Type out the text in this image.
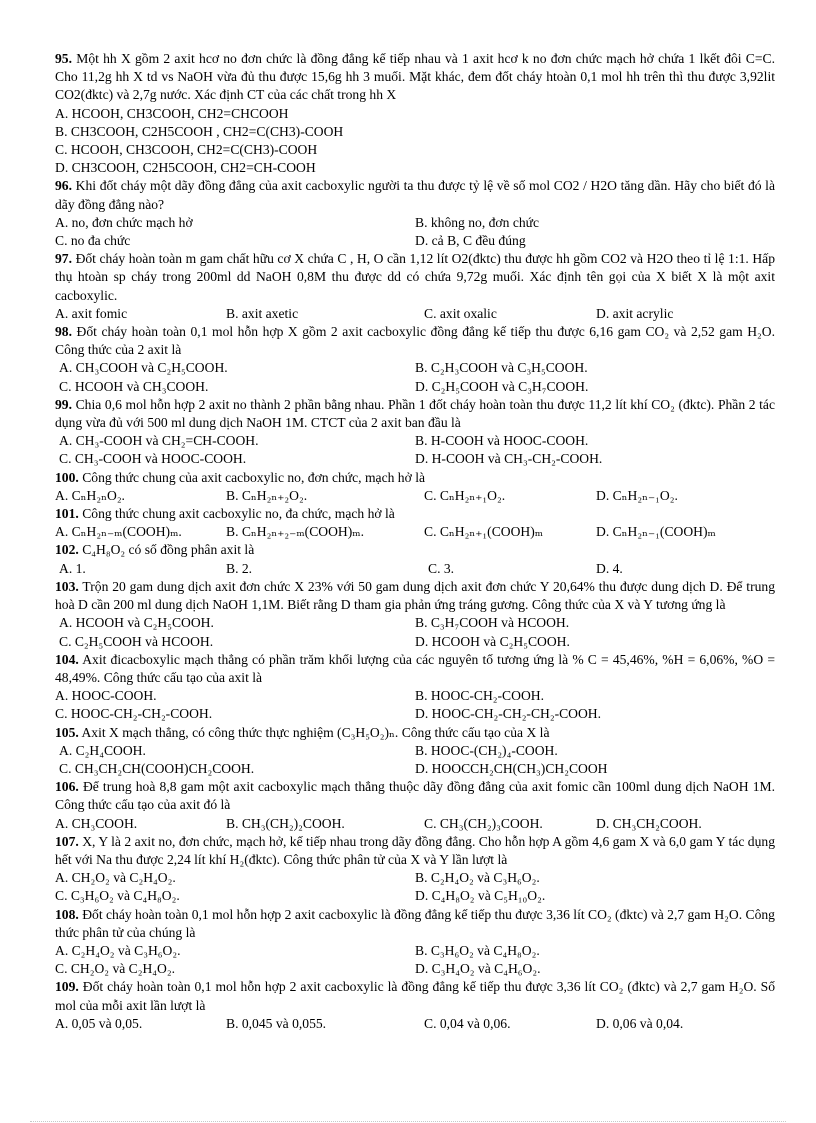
95. Một hh X gồm 2 axit hcơ no đơn chức là đồng đẳng kế tiếp nhau và 1 axit hcơ k no đơn chức mạch hở chứa 1 lkết đôi C=C. Cho 11,2g hh X td vs NaOH vừa đủ thu được 15,6g hh 3 muối. Mặt khác, đem đốt cháy htoàn 0,1 mol hh trên thì thu được 3,92lit CO2(đktc) và 2,7g nước. Xác định CT của các chất trong hh X
A. HCOOH, CH3COOH, CH2=CHCOOH
B. CH3COOH, C2H5COOH , CH2=C(CH3)-COOH
C. HCOOH, CH3COOH, CH2=C(CH3)-COOH
D. CH3COOH, C2H5COOH, CH2=CH-COOH
96. Khi đốt cháy một dãy đồng đẳng của axit cacboxylic người ta thu được tỷ lệ về số mol CO2 / H2O tăng dần. Hãy cho biết đó là dãy đồng đẳng nào?
A. no, đơn chức mạch hở	B. không no, đơn chức
C. no đa chức	D. cả B, C đều đúng
97. Đốt cháy hoàn toàn m gam chất hữu cơ X chứa C , H, O cần 1,12 lít O2(đktc) thu được hh gồm CO2 và H2O theo tỉ lệ 1:1. Hấp thụ htoàn sp cháy trong 200ml dd NaOH 0,8M thu được dd có chứa 9,72g muối. Xác định tên gọi của X biết X là một axit cacboxylic.
A. axit fomic	B. axit axetic	C. axit oxalic	D. axit acrylic
98. Đốt cháy hoàn toàn 0,1 mol hỗn hợp X gồm 2 axit cacboxylic đồng đẳng kế tiếp thu được 6,16 gam CO₂ và 2,52 gam H₂O. Công thức của 2 axit là
A. CH₃COOH và C₂H₅COOH.	B. C₂H₃COOH và C₃H₅COOH.
C. HCOOH và CH₃COOH.	D. C₂H₅COOH và C₃H₇COOH.
99. Chia 0,6 mol hỗn hợp 2 axit no thành 2 phần bằng nhau. Phần 1 đốt cháy hoàn toàn thu được 11,2 lít khí CO₂ (đktc). Phần 2 tác dụng vừa đủ với 500 ml dung dịch NaOH 1M. CTCT của 2 axit ban đầu là
A. CH₃-COOH và CH₂=CH-COOH.	B. H-COOH và HOOC-COOH.
C. CH₃-COOH và HOOC-COOH.	D. H-COOH và CH₃-CH₂-COOH.
100. Công thức chung của axit cacboxylic no, đơn chức, mạch hở là
A. CₙH₂ₙO₂.	B. CₙH₂ₙ₊₂O₂.	C. CₙH₂ₙ₊₁O₂.	D. CₙH₂ₙ₋₁O₂.
101. Công thức chung axit cacboxylic no, đa chức, mạch hở là
A. CₙH₂ₙ₋ₘ(COOH)ₘ.	B. CₙH₂ₙ₊₂₋ₘ(COOH)ₘ.	C. CₙH₂ₙ₊₁(COOH)ₘ	D. CₙH₂ₙ₋₁(COOH)ₘ
102. C₄H₈O₂ có số đồng phân axit là
A. 1.	B. 2.	C. 3.	D. 4.
103. Trộn 20 gam dung dịch axit đơn chức X 23% với 50 gam dung dịch axit đơn chức Y 20,64% thu được dung dịch D. Để trung hoà D cần 200 ml dung dịch NaOH 1,1M. Biết rằng D tham gia phản ứng tráng gương. Công thức của X và Y tương ứng là
A. HCOOH và C₂H₅COOH.	B. C₃H₇COOH và HCOOH.
C. C₂H₅COOH và HCOOH.	D. HCOOH và C₂H₅COOH.
104. Axit đicacboxylic mạch thẳng có phần trăm khối lượng của các nguyên tố tương ứng là % C = 45,46%, %H = 6,06%, %O = 48,49%. Công thức cấu tạo của axit là
A. HOOC-COOH.	B. HOOC-CH₂-COOH.
C. HOOC-CH₂-CH₂-COOH.	D. HOOC-CH₂-CH₂-CH₂-COOH.
105. Axit X mạch thẳng, có công thức thực nghiệm (C₃H₅O₂)ₙ. Công thức cấu tạo của X là
A. C₂H₄COOH.	B. HOOC-(CH₂)₄-COOH.
C. CH₃CH₂CH(COOH)CH₂COOH.	D. HOOCCH₂CH(CH₃)CH₂COOH
106. Để trung hoà 8,8 gam một axit cacboxylic mạch thẳng thuộc dãy đồng đẳng của axit fomic cần 100ml dung dịch NaOH 1M. Công thức cấu tạo của axit đó là
A. CH₃COOH.	B. CH₃(CH₂)₂COOH.	C. CH₃(CH₂)₃COOH.	D. CH₃CH₂COOH.
107. X, Y là 2 axit no, đơn chức, mạch hở, kế tiếp nhau trong dãy đồng đẳng. Cho hỗn hợp A gồm 4,6 gam X và 6,0 gam Y tác dụng hết với Na thu được 2,24 lít khí H₂(đktc). Công thức phân tử của X và Y lần lượt là
A. CH₂O₂ và C₂H₄O₂.	B. C₂H₄O₂ và C₃H₆O₂.
C. C₃H₆O₂ và C₄H₈O₂.	D. C₄H₈O₂ và C₅H₁₀O₂.
108. Đốt cháy hoàn toàn 0,1 mol hỗn hợp 2 axit cacboxylic là đồng đẳng kế tiếp thu được 3,36 lít CO₂ (đktc) và 2,7 gam H₂O. Công thức phân tử của chúng là
A. C₂H₄O₂ và C₃H₆O₂.	B. C₃H₆O₂ và C₄H₈O₂.
C. CH₂O₂ và C₂H₄O₂.	D. C₃H₄O₂ và C₄H₆O₂.
109. Đốt cháy hoàn toàn 0,1 mol hỗn hợp 2 axit cacboxylic là đồng đẳng kế tiếp thu được 3,36 lít CO₂ (đktc) và 2,7 gam H₂O. Số mol của mỗi axit lần lượt là
A. 0,05 và 0,05.	B. 0,045 và 0,055.	C. 0,04 và 0,06.	D. 0,06 và 0,04.
